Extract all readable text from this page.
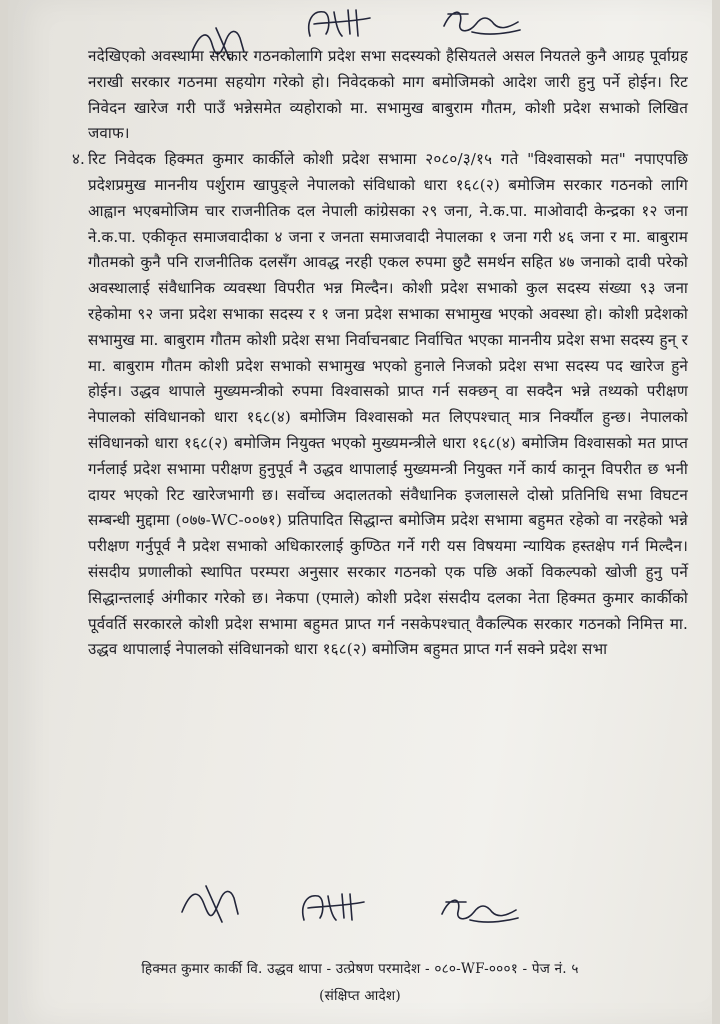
नदेखिएको अवस्थामा सरकार गठनकोलागि प्रदेश सभा सदस्यको हैसियतले असल नियतले कुनै आग्रह पूर्वाग्रह नराखी सरकार गठनमा सहयोग गरेको हो। निवेदकको माग बमोजिमको आदेश जारी हुनु पर्ने होईन। रिट निवेदन खारेज गरी पाउँ भन्नेसमेत व्यहोराको मा. सभामुख बाबुराम गौतम, कोशी प्रदेश सभाको लिखित जवाफ।

४. रिट निवेदक हिक्मत कुमार कार्कीले कोशी प्रदेश सभामा २०८०/३/१५ गते "विश्वासको मत" नपाएपछि प्रदेशप्रमुख माननीय पर्शुराम खापुङ्ले नेपालको संविधाको धारा १६८(२) बमोजिम सरकार गठनको लागि आह्वान भएबमोजिम चार राजनीतिक दल नेपाली कांग्रेसका २९ जना, ने.क.पा. माओवादी केन्द्रका १२ जना ने.क.पा. एकीकृत समाजवादीका ४ जना र जनता समाजवादी नेपालका १ जना गरी ४६ जना र मा. बाबुराम गौतमको कुनै पनि राजनीतिक दलसँग आवद्ध नरही एकल रुपमा छुटै समर्थन सहित ४७ जनाको दावी परेको अवस्थालाई संवैधानिक व्यवस्था विपरीत भन्न मिल्दैन। कोशी प्रदेश सभाको कुल सदस्य संख्या ९३ जना रहेकोमा ९२ जना प्रदेश सभाका सदस्य र १ जना प्रदेश सभाका सभामुख भएको अवस्था हो। कोशी प्रदेशको सभामुख मा. बाबुराम गौतम कोशी प्रदेश सभा निर्वाचनबाट निर्वाचित भएका माननीय प्रदेश सभा सदस्य हुन् र मा. बाबुराम गौतम कोशी प्रदेश सभाको सभामुख भएको हुनाले निजको प्रदेश सभा सदस्य पद खारेज हुने होईन। उद्धव थापाले मुख्यमन्त्रीको रुपमा विश्वासको प्राप्त गर्न सक्छन् वा सक्दैन भन्ने तथ्यको परीक्षण नेपालको संविधानको धारा १६८(४) बमोजिम विश्वासको मत लिएपश्चात् मात्र निर्क्यौल हुन्छ। नेपालको संविधानको धारा १६८(२) बमोजिम नियुक्त भएको मुख्यमन्त्रीले धारा १६८(४) बमोजिम विश्वासको मत प्राप्त गर्नलाई प्रदेश सभामा परीक्षण हुनुपूर्व नै उद्धव थापालाई मुख्यमन्त्री नियुक्त गर्ने कार्य कानून विपरीत छ भनी दायर भएको रिट खारेजभागी छ। सर्वोच्च अदालतको संवैधानिक इजलासले दोस्रो प्रतिनिधि सभा विघटन सम्बन्धी मुद्दामा (०७७-WC-००७१) प्रतिपादित सिद्धान्त बमोजिम प्रदेश सभामा बहुमत रहेको वा नरहेको भन्ने परीक्षण गर्नुपूर्व नै प्रदेश सभाको अधिकारलाई कुण्ठित गर्ने गरी यस विषयमा न्यायिक हस्तक्षेप गर्न मिल्दैन। संसदीय प्रणालीको स्थापित परम्परा अनुसार सरकार गठनको एक पछि अर्को विकल्पको खोजी हुनु पर्ने सिद्धान्तलाई अंगीकार गरेको छ। नेकपा (एमाले) कोशी प्रदेश संसदीय दलका नेता हिक्मत कुमार कार्कीको पूर्ववर्ति सरकारले कोशी प्रदेश सभामा बहुमत प्राप्त गर्न नसकेपश्चात् वैकल्पिक सरकार गठनको निमित्त मा. उद्धव थापालाई नेपालको संविधानको धारा १६८(२) बमोजिम बहुमत प्राप्त गर्न सक्ने प्रदेश सभा

हिक्मत कुमार कार्की वि. उद्धव थापा - उत्प्रेषण परमादेश - ०८०-WF-०००१ - पेज नं. ५
(संक्षिप्त आदेश)
